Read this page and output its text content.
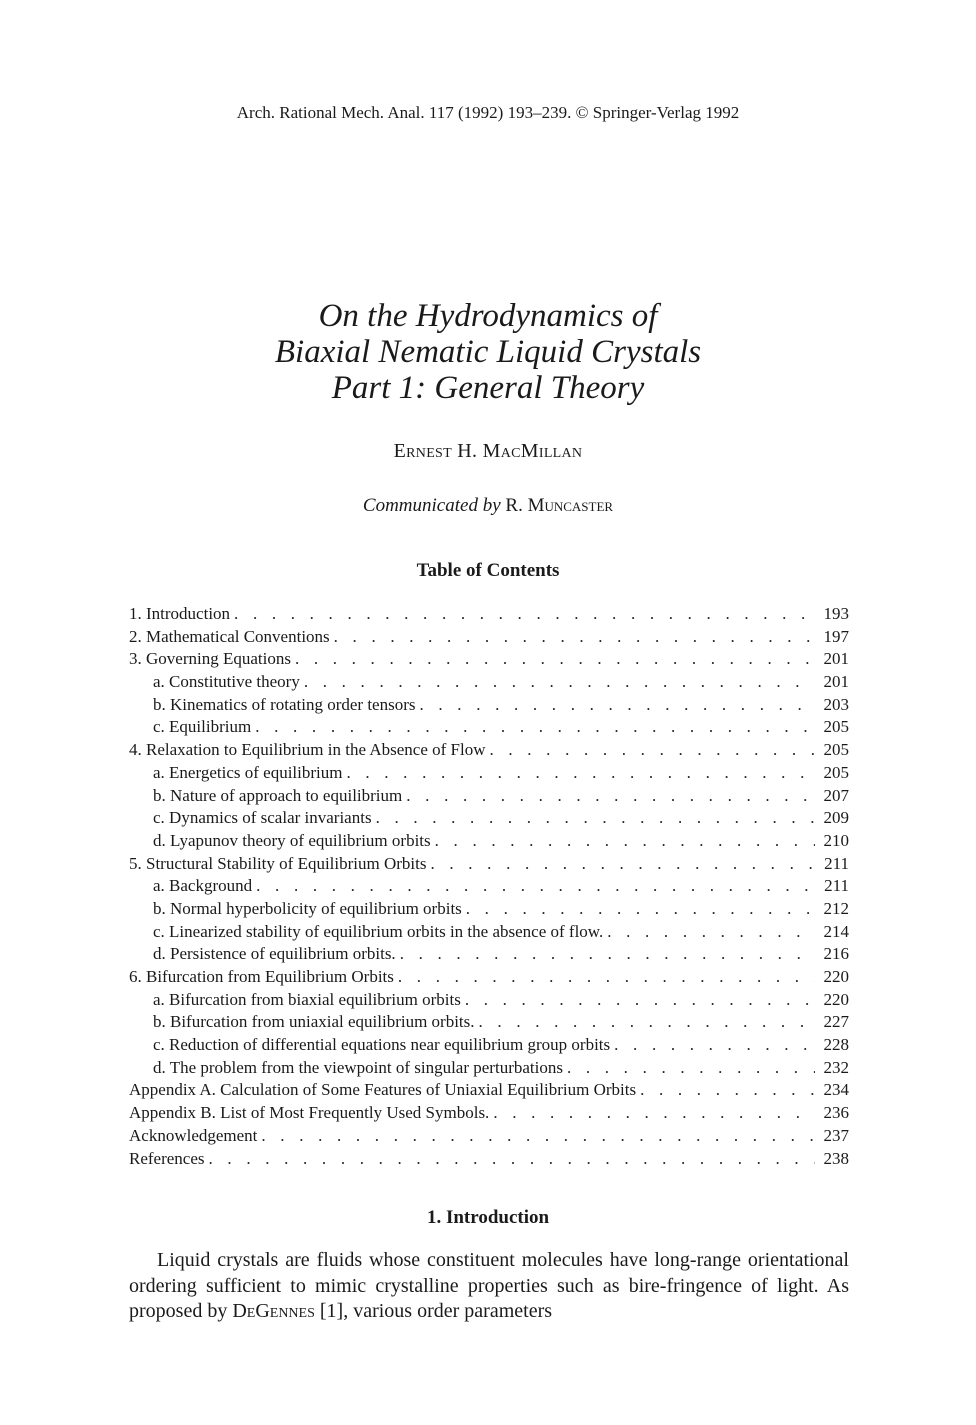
Arch. Rational Mech. Anal. 117 (1992) 193–239. © Springer-Verlag 1992
On the Hydrodynamics of
Biaxial Nematic Liquid Crystals
Part 1: General Theory
Ernest H. MacMillan
Communicated by R. Muncaster
Table of Contents
1. Introduction . . .	193
2. Mathematical Conventions . . .	197
3. Governing Equations . . .	201
a. Constitutive theory . . .	201
b. Kinematics of rotating order tensors . . .	203
c. Equilibrium . . .	205
4. Relaxation to Equilibrium in the Absence of Flow . . .	205
a. Energetics of equilibrium . . .	205
b. Nature of approach to equilibrium . . .	207
c. Dynamics of scalar invariants . . .	209
d. Lyapunov theory of equilibrium orbits . . .	210
5. Structural Stability of Equilibrium Orbits . . .	211
a. Background . . .	211
b. Normal hyperbolicity of equilibrium orbits . . .	212
c. Linearized stability of equilibrium orbits in the absence of flow. . . .	214
d. Persistence of equilibrium orbits. . . .	216
6. Bifurcation from Equilibrium Orbits . . .	220
a. Bifurcation from biaxial equilibrium orbits . . .	220
b. Bifurcation from uniaxial equilibrium orbits. . . .	227
c. Reduction of differential equations near equilibrium group orbits . . .	228
d. The problem from the viewpoint of singular perturbations . . .	232
Appendix A. Calculation of Some Features of Uniaxial Equilibrium Orbits . . .	234
Appendix B. List of Most Frequently Used Symbols. . . .	236
Acknowledgement . . .	237
References . . .	238
1. Introduction
Liquid crystals are fluids whose constituent molecules have long-range orientational ordering sufficient to mimic crystalline properties such as bire-fringence of light. As proposed by DeGennes [1], various order parameters
